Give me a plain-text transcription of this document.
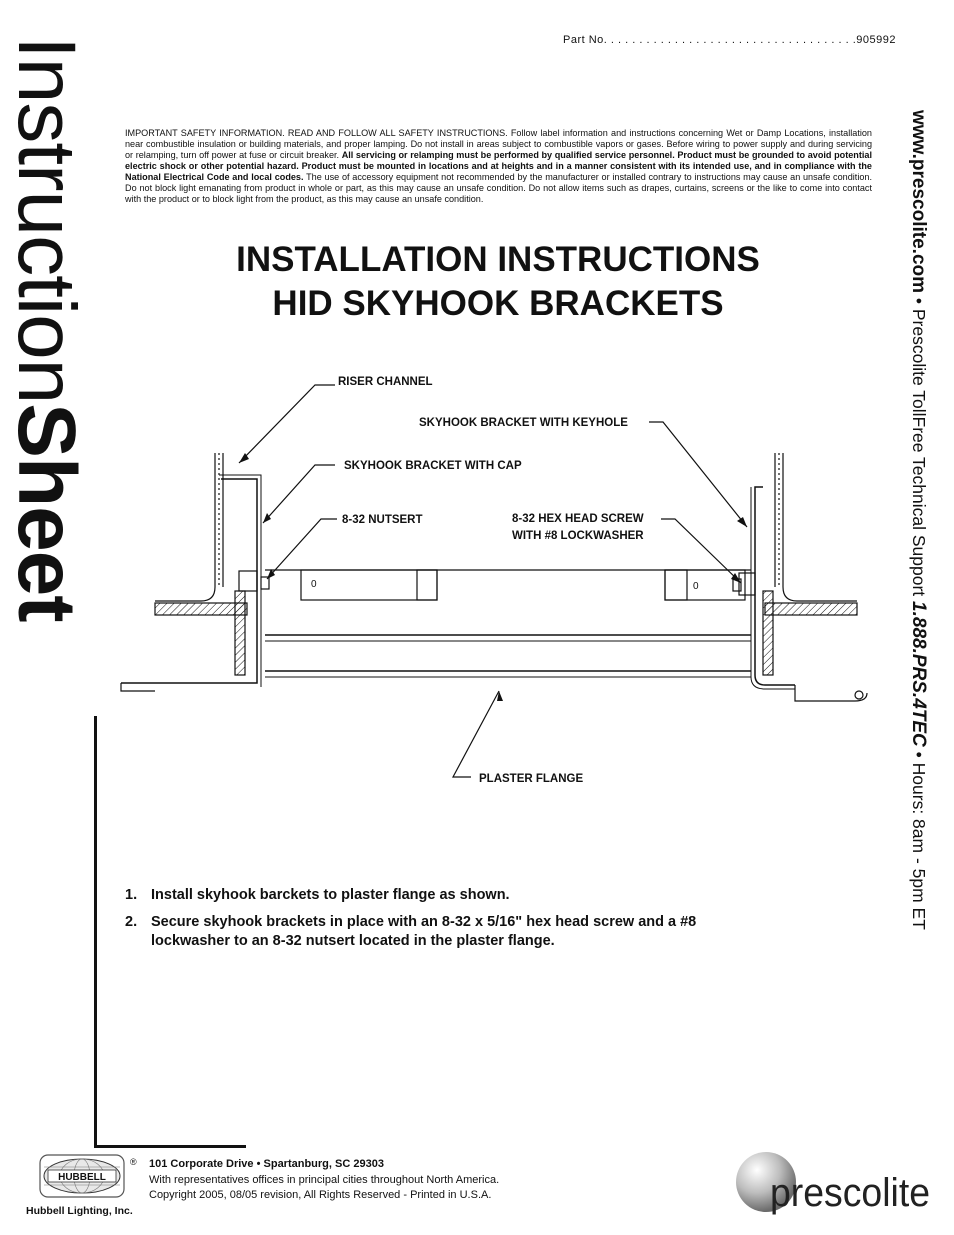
Part No. . . . . . . . . . . . . . . . . . . . . . . . . . . . . . . . . . . .905992
InstructionSheet
IMPORTANT SAFETY INFORMATION. READ AND FOLLOW ALL SAFETY INSTRUCTIONS. Follow label information and instructions concerning Wet or Damp Locations, installation near combustible insulation or building materials, and proper lamping. Do not install in areas subject to combustible vapors or gases. Before wiring to power supply and during servicing or relamping, turn off power at fuse or circuit breaker. All servicing or relamping must be performed by qualified service personnel. Product must be grounded to avoid potential electric shock or other potential hazard. Product must be mounted in locations and at heights and in a manner consistent with its intended use, and in compliance with the National Electrical Code and local codes. The use of accessory equipment not recommended by the manufacturer or installed contrary to instructions may cause an unsafe condition. Do not block light emanating from product in whole or part, as this may cause an unsafe condition. Do not allow items such as drapes, curtains, screens or the like to come into contact with the product or to block light from the product, as this may cause an unsafe condition.
INSTALLATION INSTRUCTIONS
HID SKYHOOK BRACKETS
0	0
RISER CHANNEL
SKYHOOK BRACKET WITH KEYHOLE
SKYHOOK BRACKET WITH CAP
8-32 NUTSERT	8-32 HEX HEAD SCREW
WITH #8 LOCKWASHER
PLASTER FLANGE
1. Install skyhook barckets to plaster flange as shown.
2. Secure skyhook brackets in place with an 8-32 x 5/16" hex head screw and a #8 lockwasher to an 8-32 nutsert located in the plaster flange.
www.prescolite.com • Prescolite TollFree Technical Support 1.888.PRS.4TEC • Hours: 8am - 5pm ET
HUBBELL
®
Hubbell Lighting, Inc.
101 Corporate Drive • Spartanburg, SC 29303
With representatives offices in principal cities throughout North America.
Copyright 2005, 08/05 revision, All Rights Reserved - Printed in U.S.A.	prescolite
